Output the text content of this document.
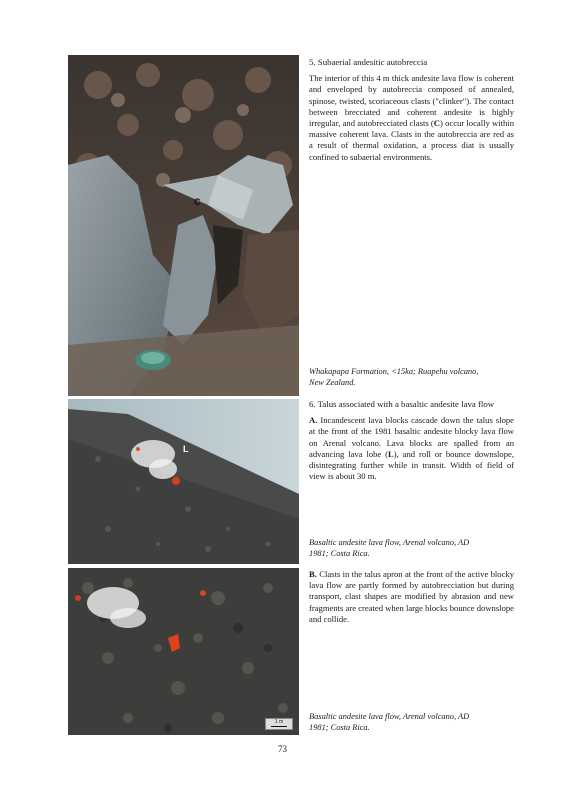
C
L
1 m

5. Subaerial andesitic autobreccia

The interior of this 4 m thick andesite lava flow is coherent and enveloped by autobreccia composed of annealed, spinose, twisted, scoriaceous clasts ("clinker"). The contact between brecciated and coherent andesite is highly irregular, and autobrecciated clasts (C) occur locally within massive coherent lava. Clasts in the autobreccia are red as a result of thermal oxidation, a process diat is usually confined to subaerial environments.

Whakapapa Formation, <15ka; Ruapehu volcano,
New Zealand.

6. Talus associated with a basaltic andesite lava flow

A. Incandescent lava blocks cascade down the talus slope at the front of the 1981 basaltic andesite blocky lava flow on Arenal volcano. Lava blocks are spalled from an advancing lava lobe (L), and roll or bounce downslope, disintegrating further while in transit. Width of field of view is about 30 m.

Basaltic andesite lava flow, Arenal volcano, AD
1981; Costa Rica.

B. Clasts in the talus apron at the front of the active blocky lava flow are partly formed by autobrecciation but during transport, clast shapes are modified by abrasion and new fragments are created when large blocks bounce downslope and collide.

Basaltic andesite lava flow, Arenal volcano, AD
1981; Costa Rica.
73
